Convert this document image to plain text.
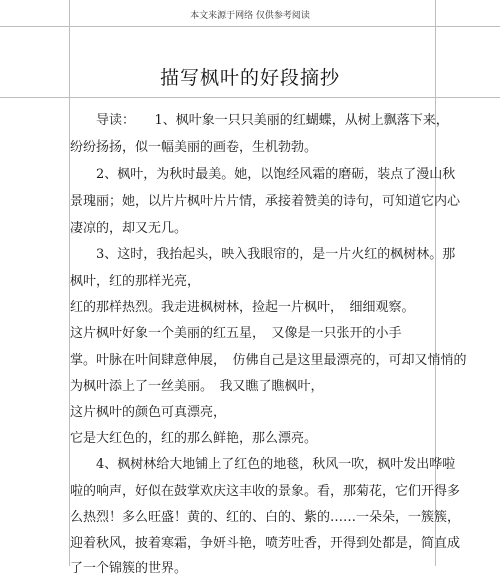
本文来源于网络 仅供参考阅读
描写枫叶的好段摘抄
　　导读：　　1、枫叶象一只只美丽的红蝴蝶，从树上飘落下来，
纷纷扬扬，似一幅美丽的画卷，生机勃勃。
　　2、枫叶，为秋时最美。她，以饱经风霜的磨砺，装点了漫山秋
景瑰丽；她，以片片枫叶片片情，承接着赞美的诗句，可知道它内心
凄凉的，却又无几。
　　3、这时，我抬起头，映入我眼帘的，是一片火红的枫树林。那
枫叶，红的那样光亮，
红的那样热烈。我走进枫树林，捡起一片枫叶，　细细观察。
这片枫叶好象一个美丽的红五星，　又像是一只张开的小手
掌。叶脉在叶间肆意伸展，　仿佛自己是这里最漂亮的，可却又悄悄的
为枫叶添上了一丝美丽。　我又瞧了瞧枫叶，
这片枫叶的颜色可真漂亮，
它是大红色的，红的那么鲜艳，那么漂亮。
　　4、枫树林给大地铺上了红色的地毯，秋风一吹，枫叶发出哗啦
啦的响声，好似在鼓掌欢庆这丰收的景象。看，那菊花，它们开得多
么热烈！多么旺盛！黄的、红的、白的、紫的……一朵朵，一簇簇，
迎着秋风，披着寒霜，争妍斗艳，喷芳吐香，开得到处都是，简直成
了一个锦簇的世界。
